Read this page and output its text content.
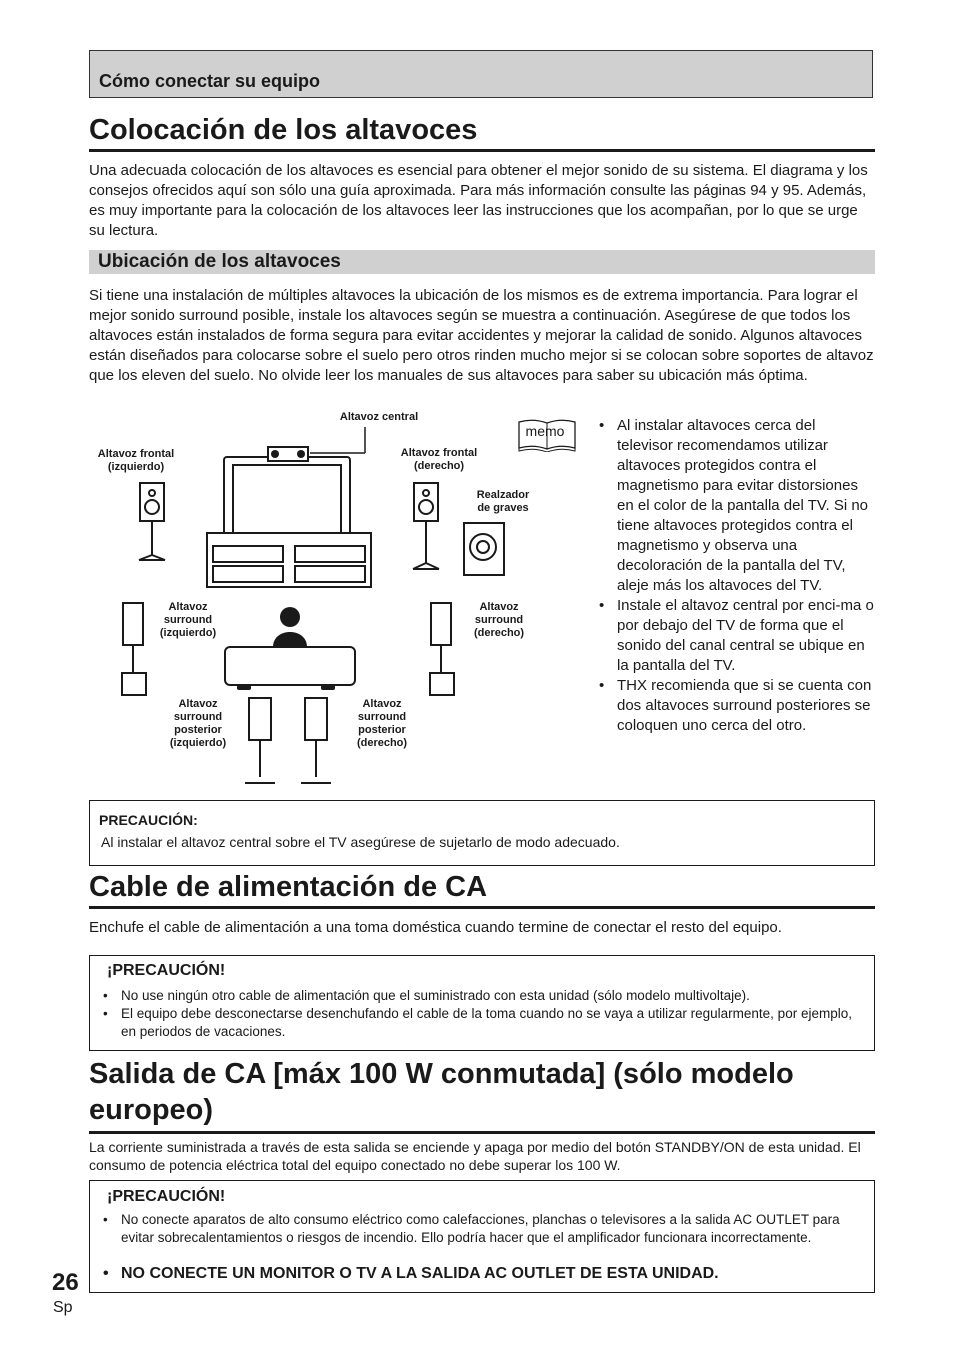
Cómo conectar su equipo
Colocación de los altavoces

Una adecuada colocación de los altavoces es esencial para obtener el mejor sonido de su sistema. El diagrama y los consejos ofrecidos aquí son sólo una guía aproximada. Para más información consulte las páginas 94 y 95. Además, es muy importante para la colocación de los altavoces leer las instrucciones que los acompañan, por lo que se urge su lectura.

Ubicación de los altavoces

Si tiene una instalación de múltiples altavoces la ubicación de los mismos es de extrema importancia. Para lograr el mejor sonido surround posible, instale los altavoces según se muestra a continuación. Asegúrese de que todos los altavoces están instalados de forma segura para evitar accidentes y mejorar la calidad de sonido. Algunos altavoces están diseñados para colocarse sobre el suelo pero otros rinden mucho mejor si se colocan sobre soportes de altavoz que los eleven del suelo. No olvide leer los manuales de sus altavoces para saber su ubicación más óptima.

Altavoz central
Altavoz frontal
(izquierdo)
Altavoz frontal
(derecho)
Realzador
de graves
Altavoz
surround
(izquierdo)
Altavoz
surround
(derecho)
Altavoz
surround
posterior
(izquierdo)
Altavoz
surround
posterior
(derecho)
memo
•	Al instalar altavoces cerca del televisor recomendamos utilizar altavoces protegidos contra el magnetismo para evitar distorsiones en el color de la pantalla del TV. Si no tiene altavoces protegidos contra el magnetismo y observa una decoloración de la pantalla del TV, aleje más los altavoces del TV.
• Instale el altavoz central por enci-ma o por debajo del TV de forma que el sonido del canal central se ubique en la pantalla del TV.
• THX recomienda que si se cuenta con dos altavoces surround posteriores se coloquen uno cerca del otro.
PRECAUCIÓN:
Al instalar el altavoz central sobre el TV asegúrese de sujetarlo de modo adecuado.
Cable de alimentación de CA

Enchufe el cable de alimentación a una toma doméstica cuando termine de conectar el resto del equipo.

¡PRECAUCIÓN!
• No use ningún otro cable de alimentación que el suministrado con esta unidad (sólo modelo multivoltaje).
• El equipo debe desconectarse desenchufando el cable de la toma cuando no se vaya a utilizar regularmente, por ejemplo, en periodos de vacaciones.
Salida de CA [máx 100 W conmutada] (sólo modelo
europeo)

La corriente suministrada a través de esta salida se enciende y apaga por medio del botón STANDBY/ON de esta unidad. El consumo de potencia eléctrica total del equipo conectado no debe superar los 100 W.

¡PRECAUCIÓN!
• No conecte aparatos de alto consumo eléctrico como calefacciones, planchas o televisores a la salida AC OUTLET para evitar sobrecalentamientos o riesgos de incendio. Ello podría hacer que el amplificador funcionara incorrectamente.
• NO CONECTE UN MONITOR O TV A LA SALIDA AC OUTLET DE ESTA UNIDAD.
26
Sp
